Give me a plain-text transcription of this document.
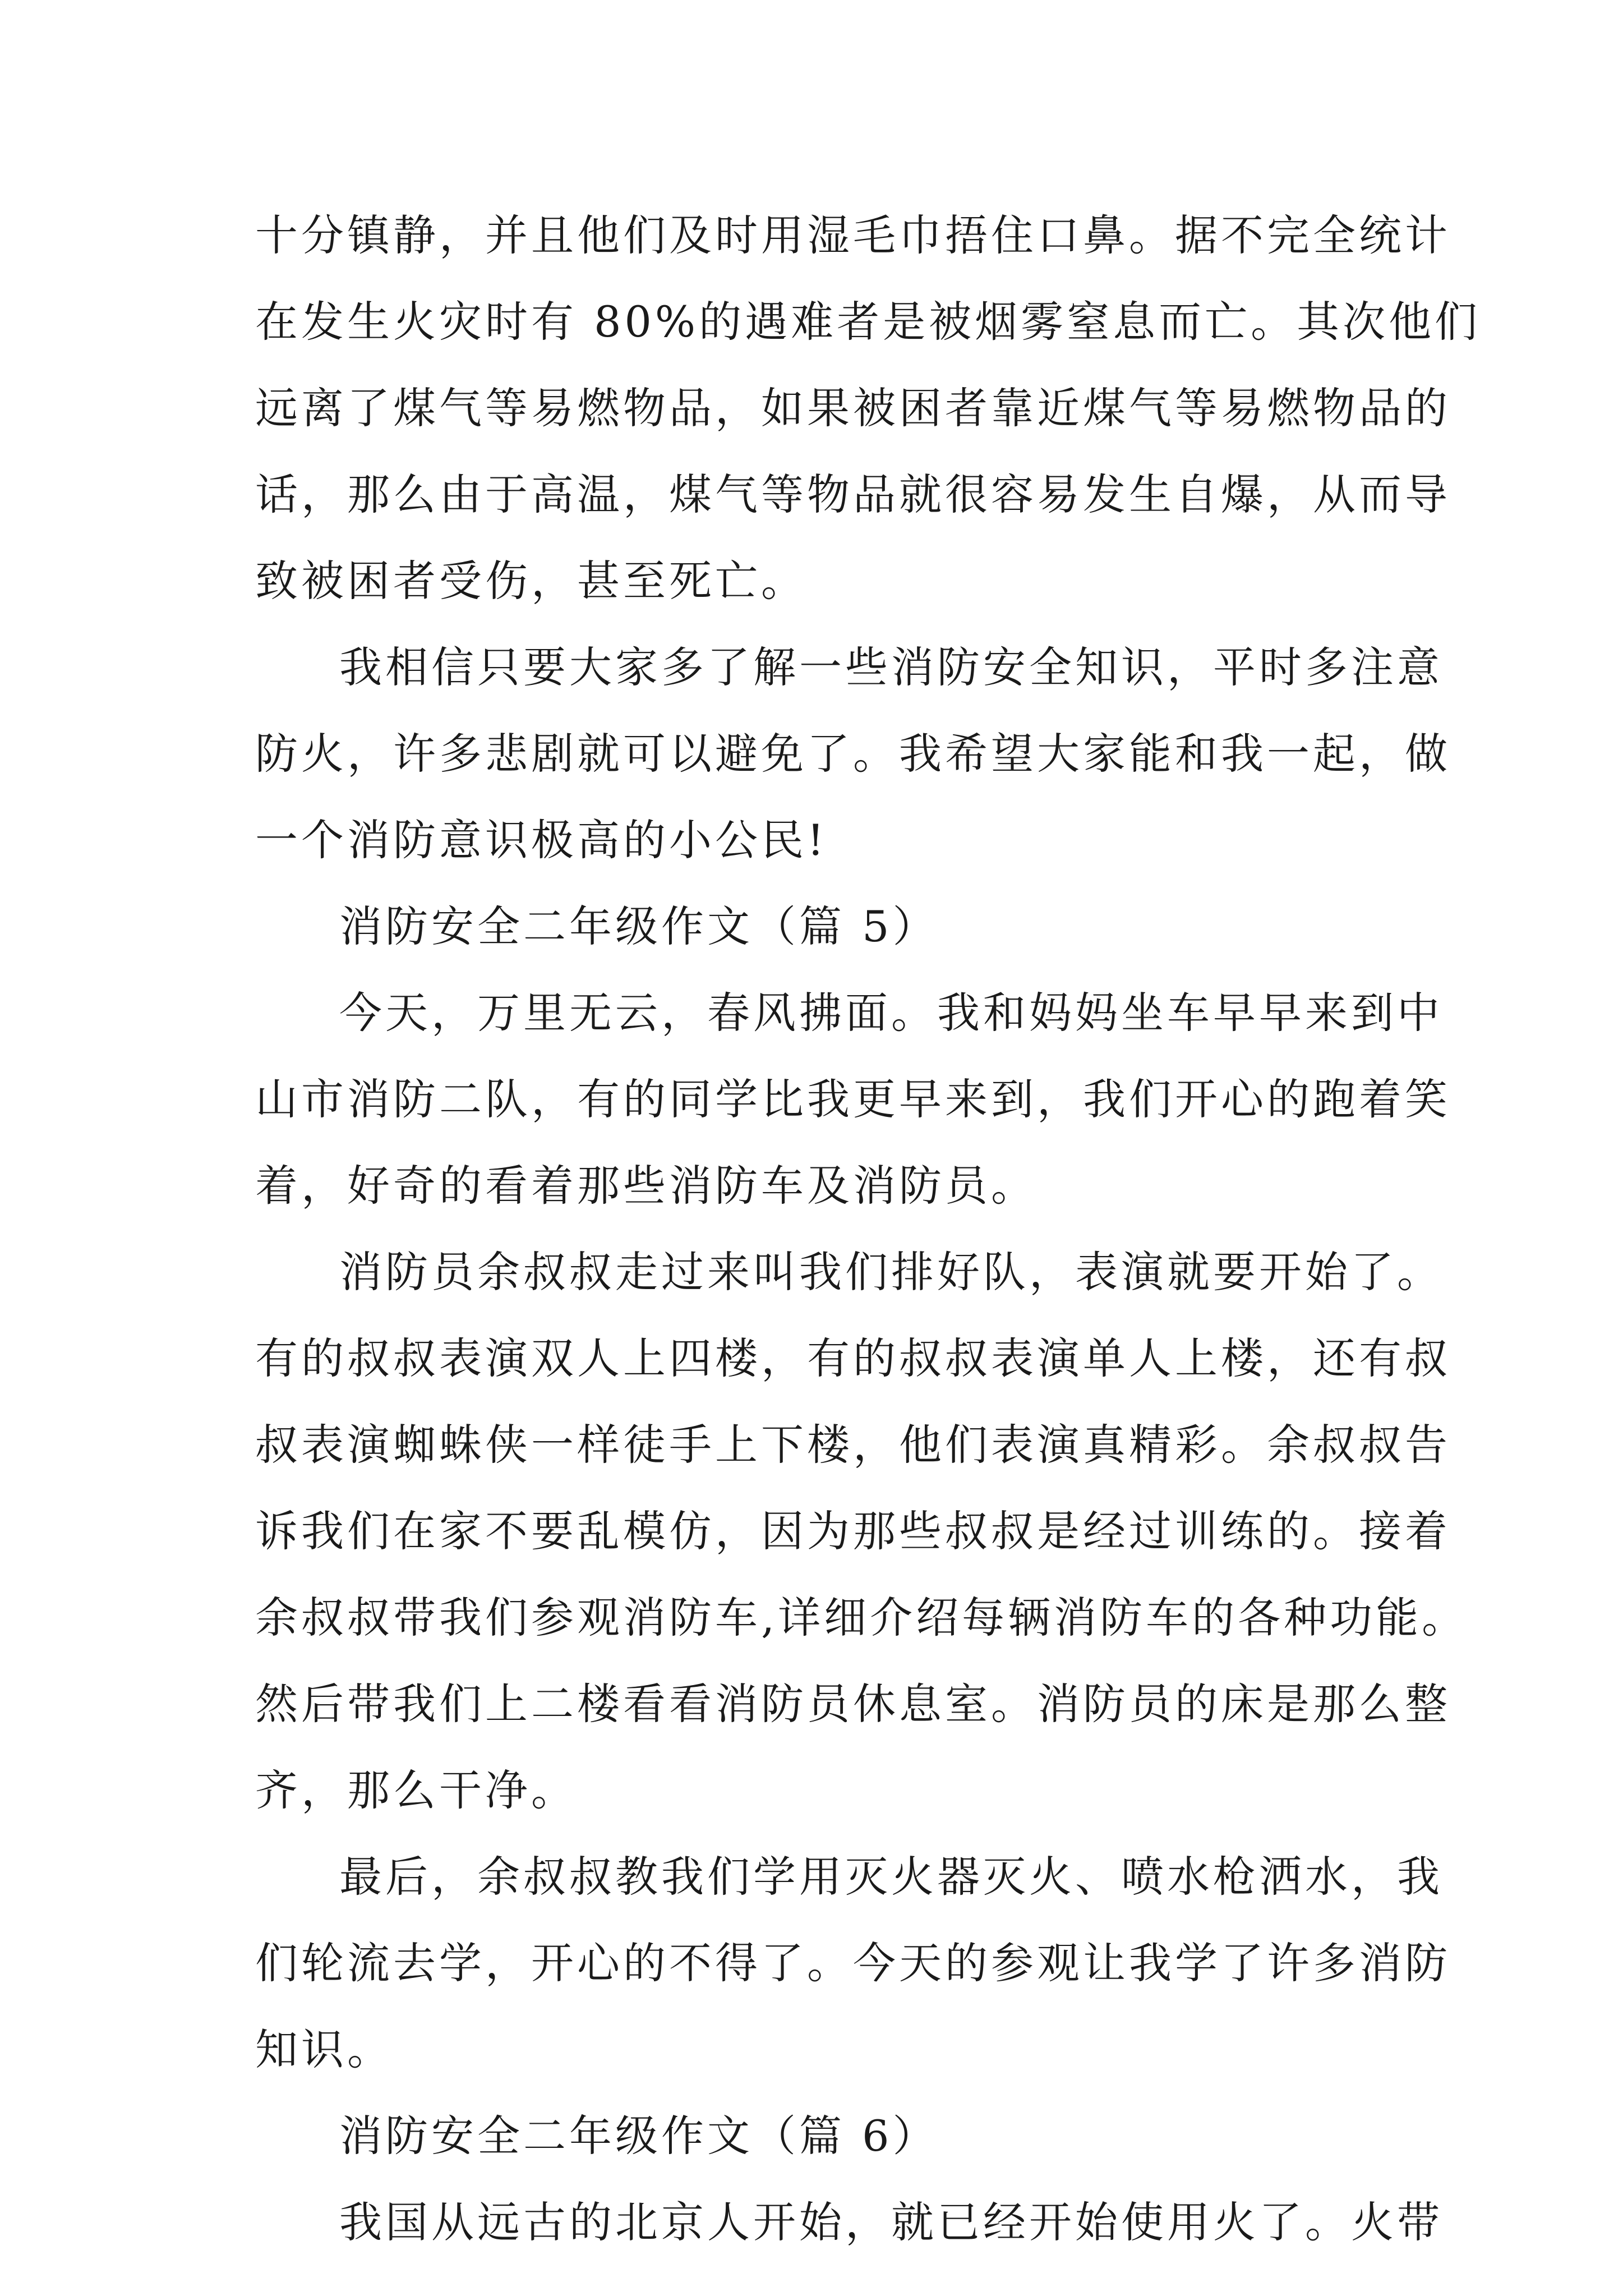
十分镇静，并且他们及时用湿毛巾捂住口鼻。据不完全统计
在发生火灾时有 80%的遇难者是被烟雾窒息而亡。其次他们
远离了煤气等易燃物品，如果被困者靠近煤气等易燃物品的
话，那么由于高温，煤气等物品就很容易发生自爆，从而导
致被困者受伤，甚至死亡。
我相信只要大家多了解一些消防安全知识，平时多注意
防火，许多悲剧就可以避免了。我希望大家能和我一起，做
一个消防意识极高的小公民!
消防安全二年级作文（篇 5）
今天，万里无云，春风拂面。我和妈妈坐车早早来到中
山市消防二队，有的同学比我更早来到，我们开心的跑着笑
着，好奇的看着那些消防车及消防员。
消防员余叔叔走过来叫我们排好队，表演就要开始了。
有的叔叔表演双人上四楼，有的叔叔表演单人上楼，还有叔
叔表演蜘蛛侠一样徒手上下楼，他们表演真精彩。余叔叔告
诉我们在家不要乱模仿，因为那些叔叔是经过训练的。接着
余叔叔带我们参观消防车,详细介绍每辆消防车的各种功能。
然后带我们上二楼看看消防员休息室。消防员的床是那么整
齐，那么干净。
最后，余叔叔教我们学用灭火器灭火、喷水枪洒水，我
们轮流去学，开心的不得了。今天的参观让我学了许多消防
知识。
消防安全二年级作文（篇 6）
我国从远古的北京人开始，就已经开始使用火了。火带
